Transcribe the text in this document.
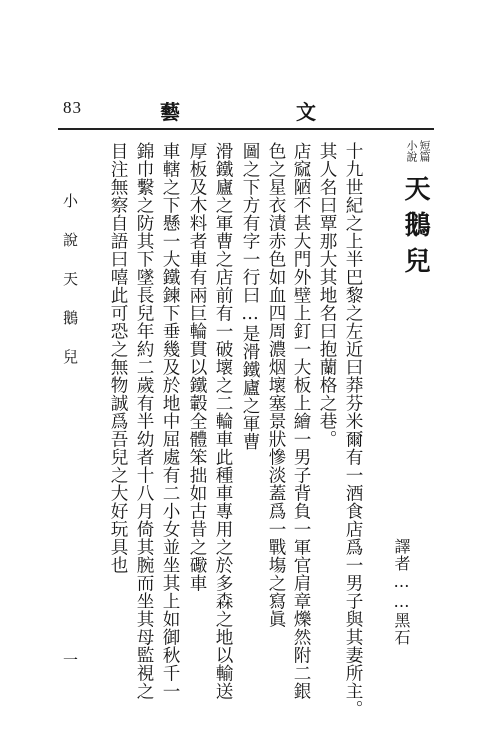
83	藝	文
短篇
小說
天鵝兒
譯者……黑石
十九世紀之上半巴黎之左近曰莽芬米爾有一酒食店爲一男子與其妻所主。
其人名曰覃那大其地名曰抱蘭格之巷。
店窳陋不甚大門外壁上釘一大板上繪一男子背負一軍官肩章爍然附二銀
色之星衣漬赤色如血四周濃烟壞塞景狀慘淡蓋爲一戰塲之寫眞
圖之下方有字一行曰…是滑鐵廬之軍曹
滑鐵廬之軍曹之店前有一破壞之二輪車此種車專用之於多森之地以輸送
厚板及木料者車有兩巨輪貫以鐵轂全體笨拙如古昔之礮車
車轄之下懸一大鐵鍊下垂幾及於地中屈處有二小女並坐其上如御秋千一
錦巾繫之防其下墜長兒年約二歲有半幼者十八月倚其腕而坐其母監視之
目注無察自語曰嘻此可恐之無物誠爲吾兒之大好玩具也
小說天鵝兒
一
